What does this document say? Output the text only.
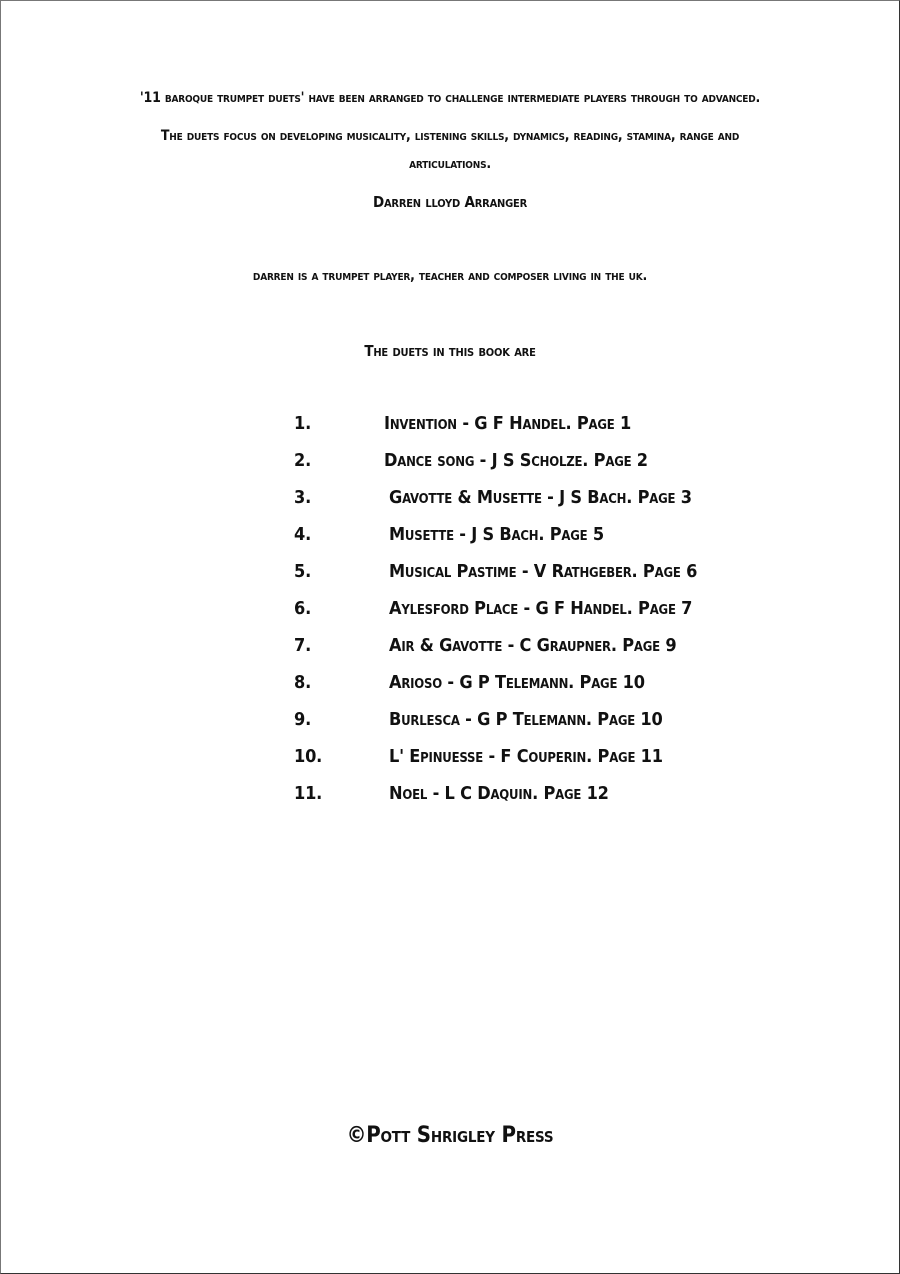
'11 baroque trumpet duets' have been arranged to challenge intermediate players through to advanced.
The duets focus on developing musicality, listening skills, dynamics, reading, stamina, range and
articulations.
Darren lloyd Arranger
darren is a trumpet player, teacher and composer living in the uk.
The duets in this book are
1.	Invention - G F Handel. Page 1
2.	Dance song - J S Scholze. Page 2
3.	Gavotte & Musette - J S Bach. Page 3
4.	Musette - J S Bach. Page 5
5.	Musical Pastime - V Rathgeber. Page 6
6.	Aylesford Place - G F Handel. Page 7
7.	Air & Gavotte - C Graupner. Page 9
8.	Arioso - G P Telemann. Page 10
9.	Burlesca - G P Telemann. Page 10
10.	L' Epinuesse - F Couperin. Page 11
11.	Noel - L C Daquin. Page 12
©Pott Shrigley Press
